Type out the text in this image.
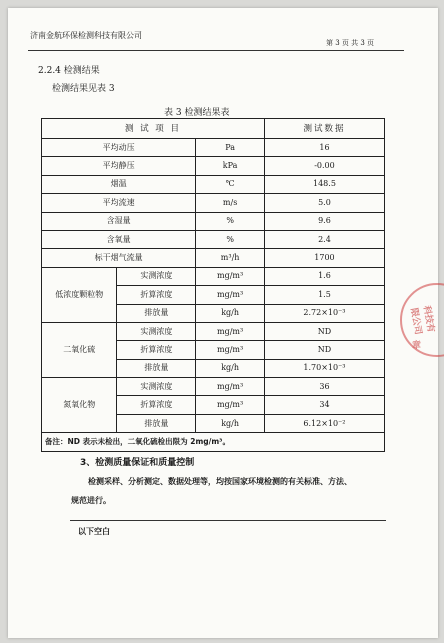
济南金航环保检测科技有限公司
第 3 页 共 3 页
2.2.4 检测结果
检测结果见表 3
表 3 检测结果表
测 试 项 目			测试数据
平均动压		Pa	16
平均静压		kPa	-0.00
烟温		℃	148.5
平均流速		m/s	5.0
含湿量		%	9.6
含氧量		%	2.4
标干烟气流量		m³/h	1700
低浓度颗粒物	实测浓度	mg/m³	1.6
	折算浓度	mg/m³	1.5
	排放量	kg/h	2.72×10⁻³
二氧化硫	实测浓度	mg/m³	ND
	折算浓度	mg/m³	ND
	排放量	kg/h	1.70×10⁻³
氮氧化物	实测浓度	mg/m³	36
	折算浓度	mg/m³	34
	排放量	kg/h	6.12×10⁻²
备注：ND 表示未检出，二氧化硫检出限为 2mg/m³。			
3、检测质量保证和质量控制
检测采样、分析测定、数据处理等，均按国家环境检测的有关标准、方法、
规范进行。
以下空白
科技有限公司
章
